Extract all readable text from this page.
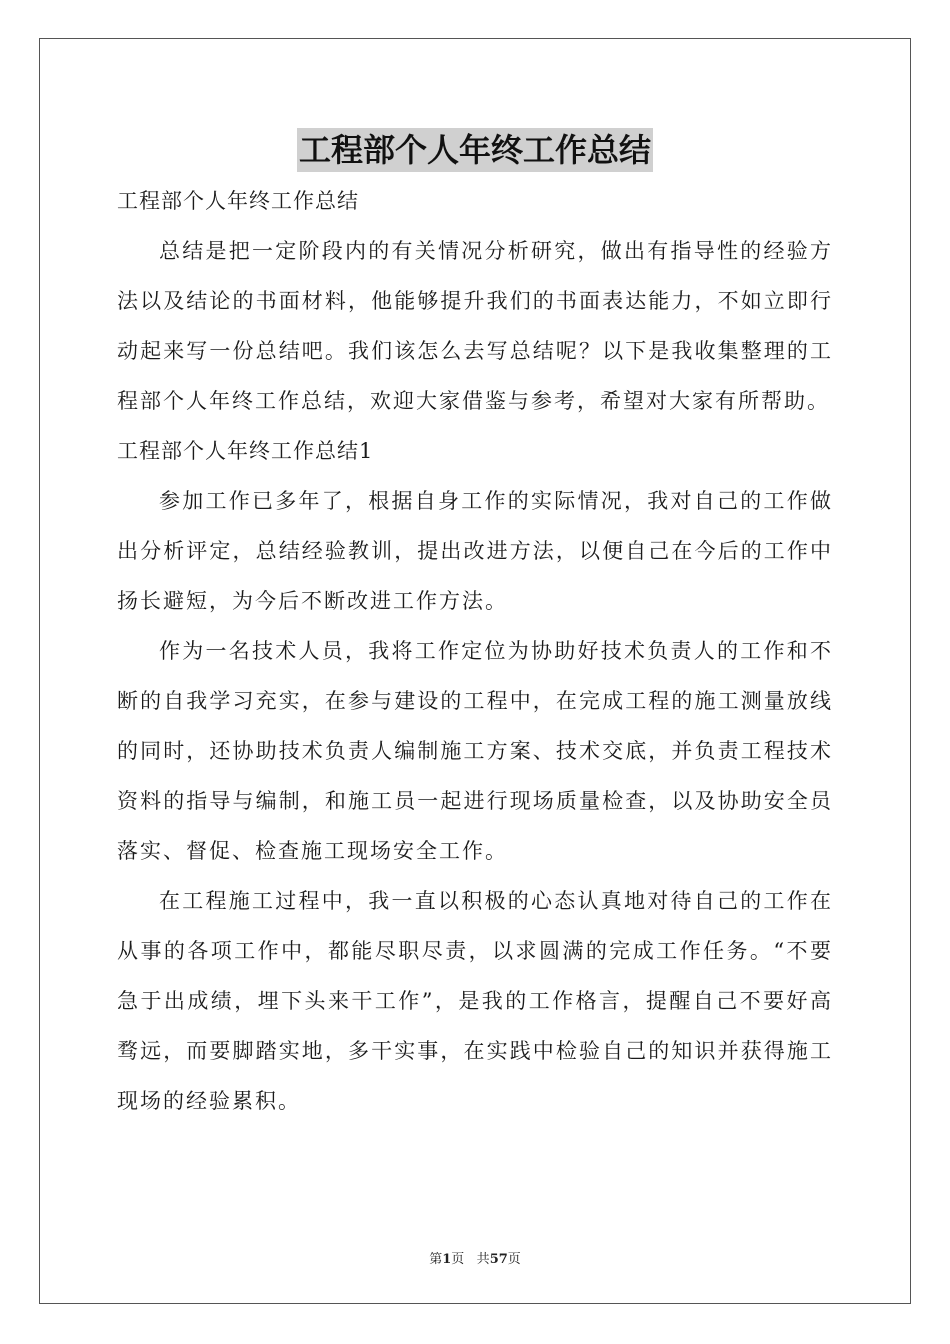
工程部个人年终工作总结

工程部个人年终工作总结

总结是把一定阶段内的有关情况分析研究，做出有指导性的经验方法以及结论的书面材料，他能够提升我们的书面表达能力，不如立即行动起来写一份总结吧。我们该怎么去写总结呢？以下是我收集整理的工程部个人年终工作总结，欢迎大家借鉴与参考，希望对大家有所帮助。

工程部个人年终工作总结1

参加工作已多年了，根据自身工作的实际情况，我对自己的工作做出分析评定，总结经验教训，提出改进方法，以便自己在今后的工作中扬长避短，为今后不断改进工作方法。

作为一名技术人员，我将工作定位为协助好技术负责人的工作和不断的自我学习充实，在参与建设的工程中，在完成工程的施工测量放线的同时，还协助技术负责人编制施工方案、技术交底，并负责工程技术资料的指导与编制，和施工员一起进行现场质量检查，以及协助安全员落实、督促、检查施工现场安全工作。

在工程施工过程中，我一直以积极的心态认真地对待自己的工作在从事的各项工作中，都能尽职尽责，以求圆满的完成工作任务。“不要急于出成绩，埋下头来干工作”，是我的工作格言，提醒自己不要好高骛远，而要脚踏实地，多干实事，在实践中检验自己的知识并获得施工现场的经验累积。

第1页 共57页
